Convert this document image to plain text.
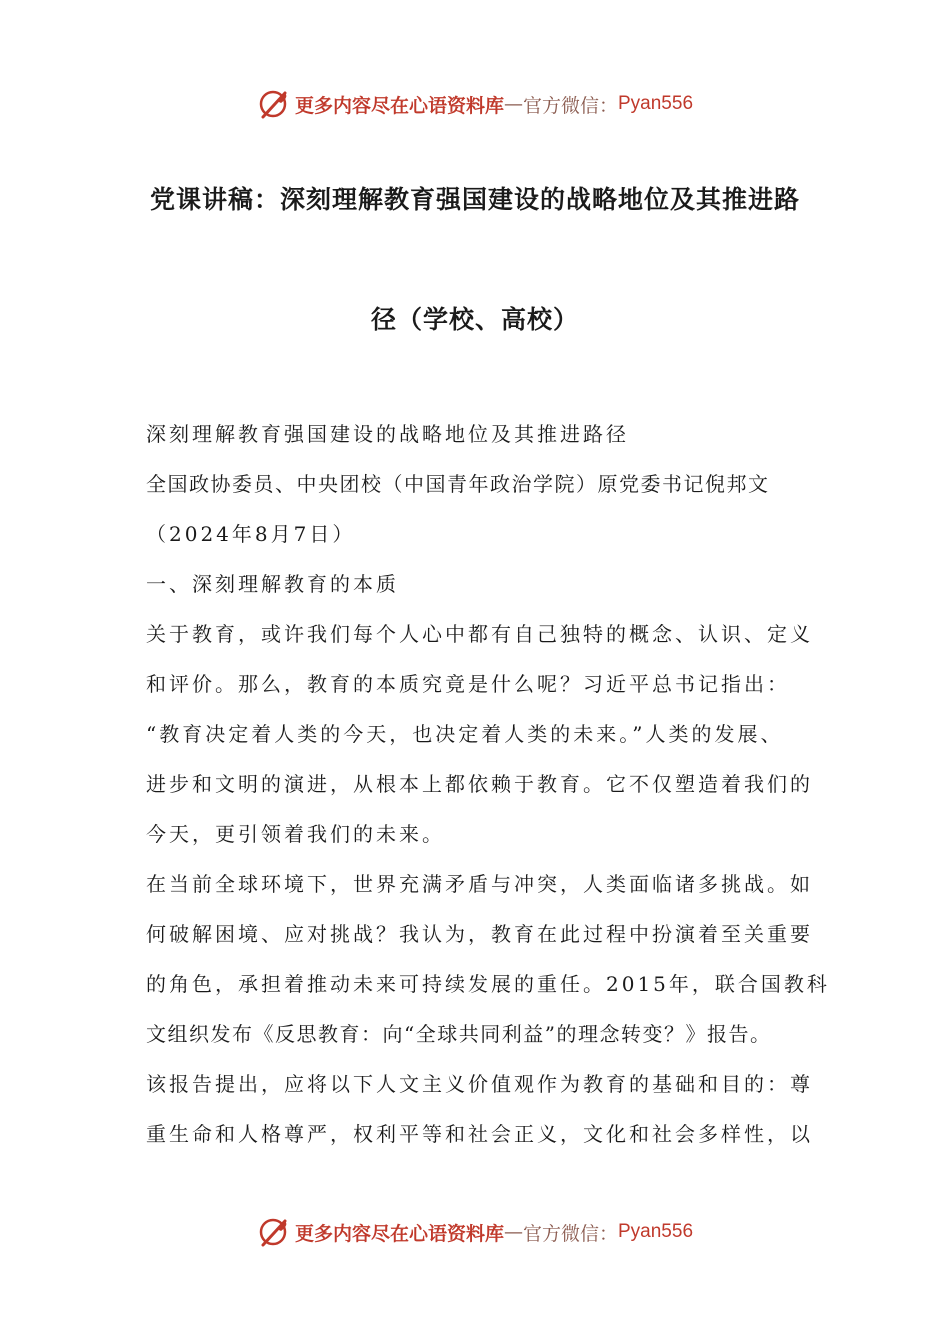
更多内容尽在心语资料库 — 官方微信： Pyan556
党课讲稿：深刻理解教育强国建设的战略地位及其推进路
径（学校、高校）
深刻理解教育强国建设的战略地位及其推进路径
全国政协委员、中央团校（中国青年政治学院）原党委书记倪邦文
（2024年8月7日）
一、深刻理解教育的本质
关于教育，或许我们每个人心中都有自己独特的概念、认识、定义
和评价。那么，教育的本质究竟是什么呢？习近平总书记指出：
“教育决定着人类的今天，也决定着人类的未来。”人类的发展、
进步和文明的演进，从根本上都依赖于教育。它不仅塑造着我们的
今天，更引领着我们的未来。
在当前全球环境下，世界充满矛盾与冲突，人类面临诸多挑战。如
何破解困境、应对挑战？我认为，教育在此过程中扮演着至关重要
的角色，承担着推动未来可持续发展的重任。2015年，联合国教科
文组织发布《反思教育：向“全球共同利益”的理念转变？》报告。
该报告提出，应将以下人文主义价值观作为教育的基础和目的：尊
重生命和人格尊严，权利平等和社会正义，文化和社会多样性，以
更多内容尽在心语资料库 — 官方微信： Pyan556
